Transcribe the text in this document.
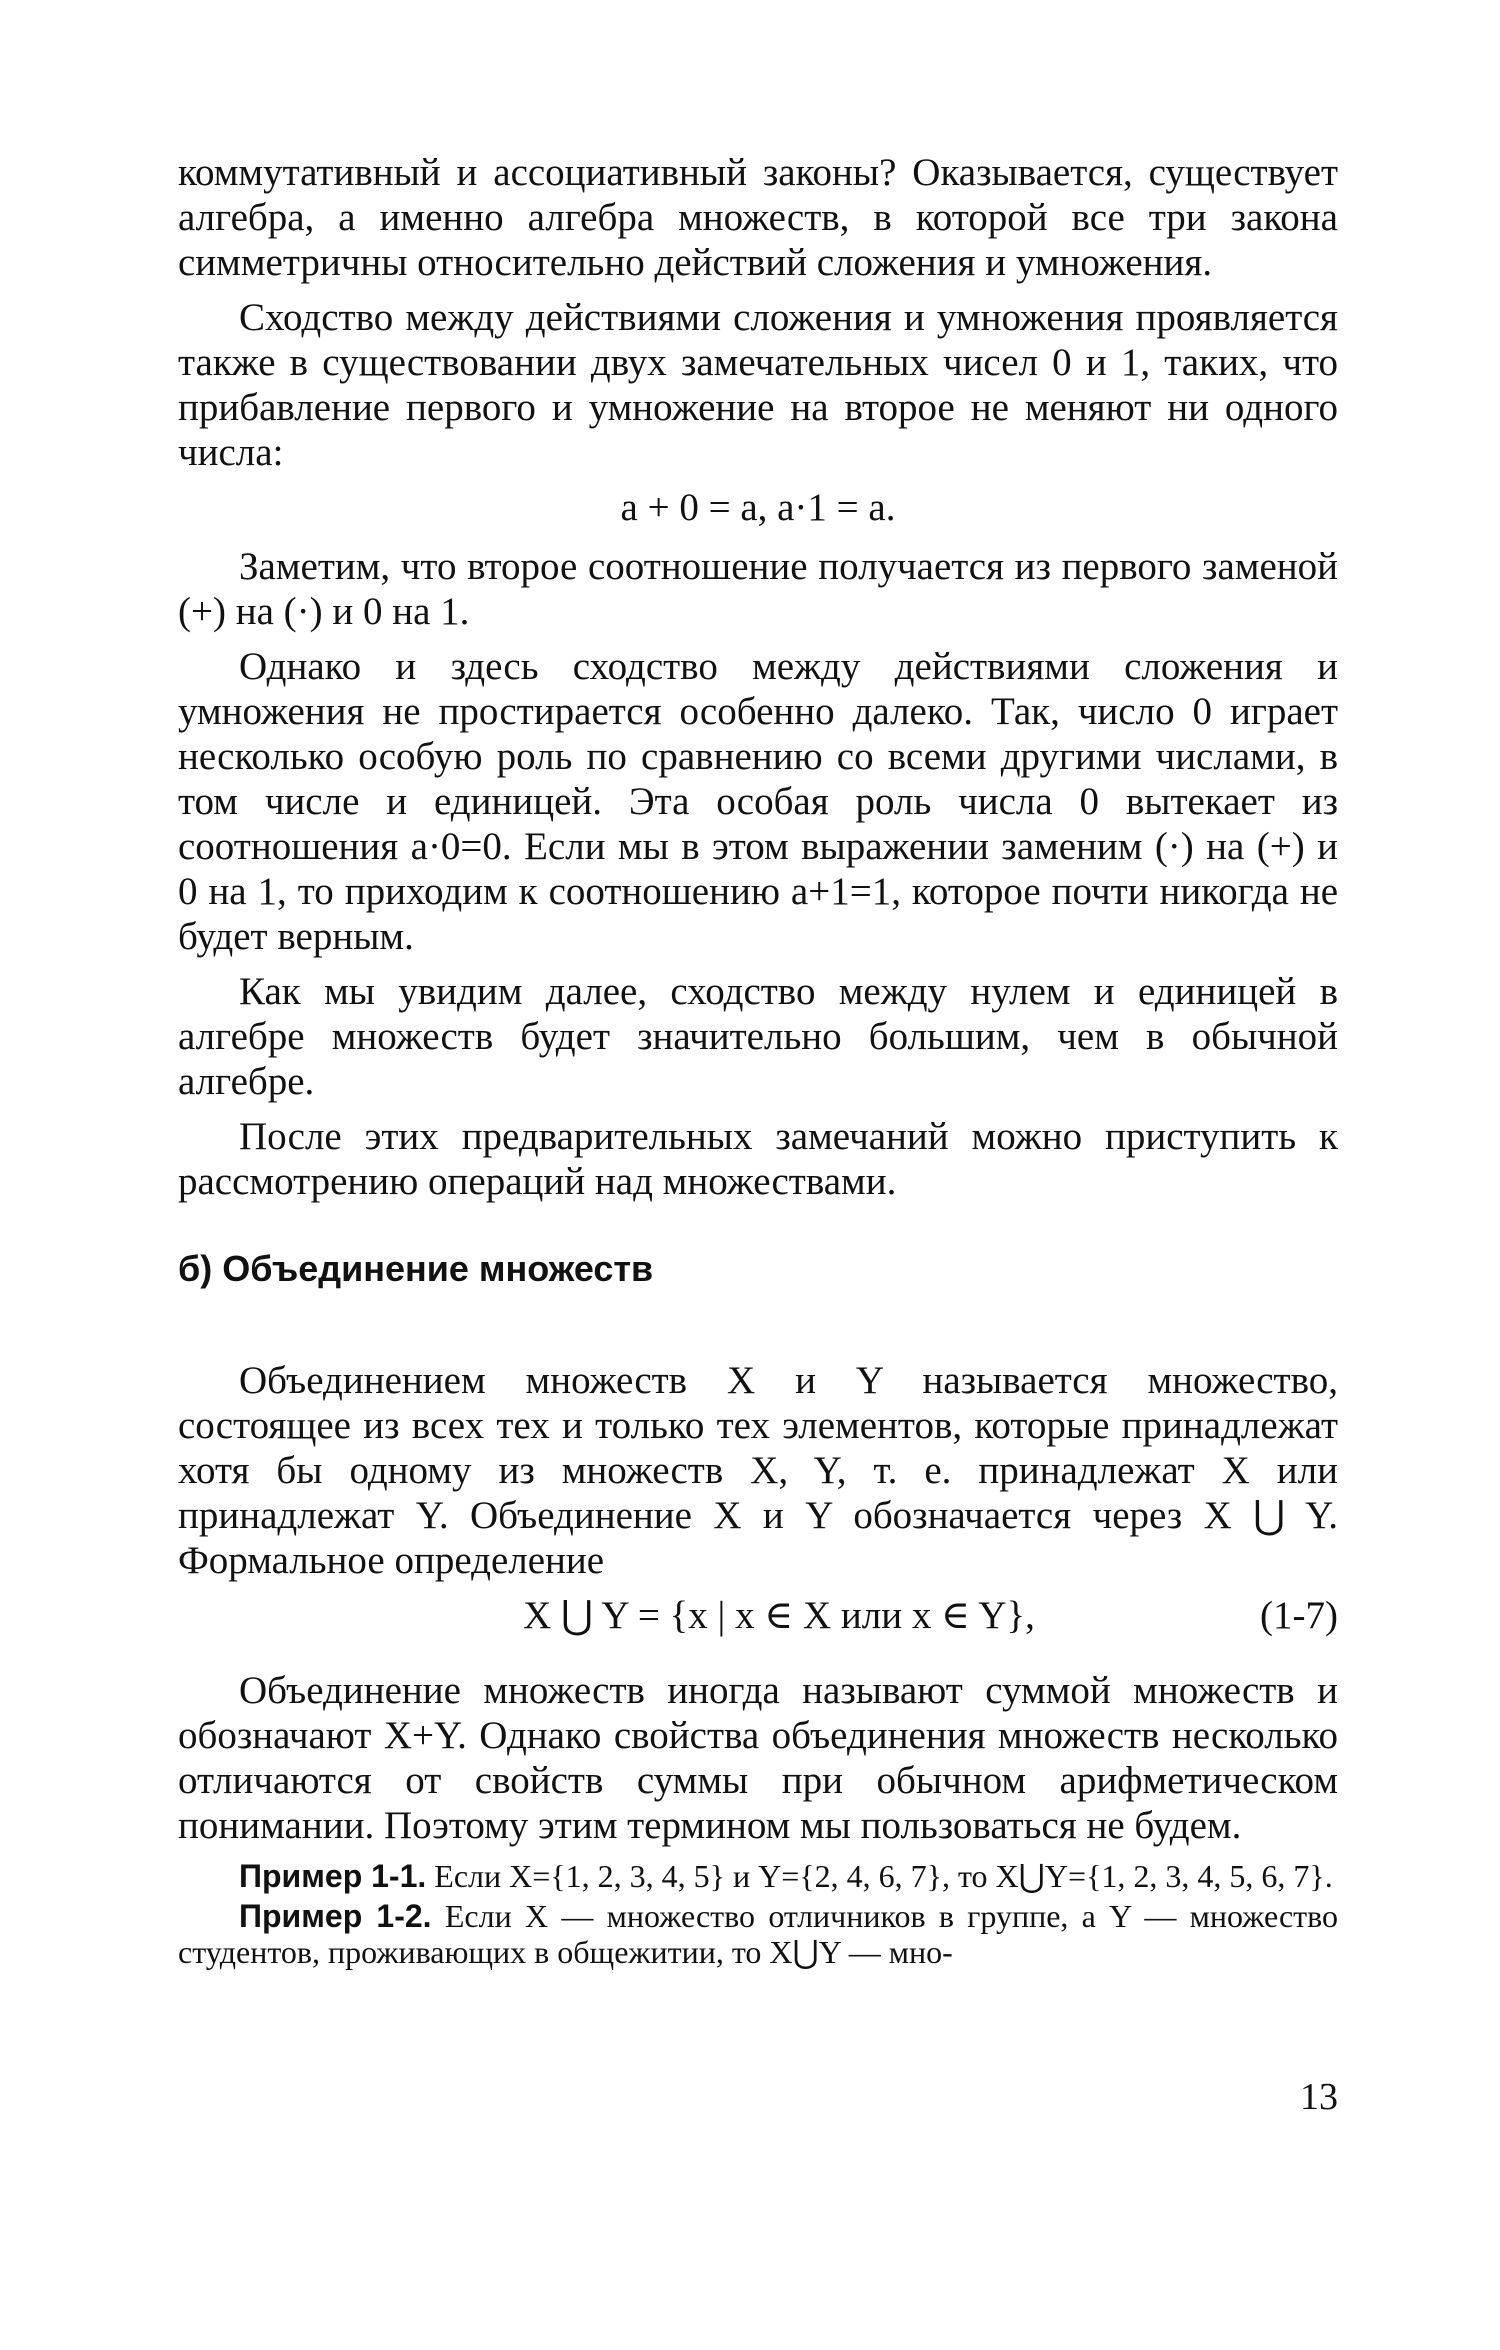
коммутативный и ассоциативный законы? Оказывается, существует алгебра, а именно алгебра множеств, в которой все три закона симметричны относительно действий сложения и умножения.

Сходство между действиями сложения и умножения проявляется также в существовании двух замечательных чисел 0 и 1, таких, что прибавление первого и умножение на второе не меняют ни одного числа:

a + 0 = a, a·1 = a.

Заметим, что второе соотношение получается из первого заменой (+) на (·) и 0 на 1.

Однако и здесь сходство между действиями сложения и умножения не простирается особенно далеко. Так, число 0 играет несколько особую роль по сравнению со всеми другими числами, в том числе и единицей. Эта особая роль числа 0 вытекает из соотношения a·0=0. Если мы в этом выражении заменим (·) на (+) и 0 на 1, то приходим к соотношению a+1=1, которое почти никогда не будет верным.

Как мы увидим далее, сходство между нулем и единицей в алгебре множеств будет значительно большим, чем в обычной алгебре.

После этих предварительных замечаний можно приступить к рассмотрению операций над множествами.

б) Объединение множеств

Объединением множеств X и Y называется множество, состоящее из всех тех и только тех элементов, которые принадлежат хотя бы одному из множеств X, Y, т. е. принадлежат X или принадлежат Y. Объединение X и Y обозначается через X ⋃ Y. Формальное определение

X ⋃ Y = {x | x ∈ X или x ∈ Y},	(1-7)

Объединение множеств иногда называют суммой множеств и обозначают X+Y. Однако свойства объединения множеств несколько отличаются от свойств суммы при обычном арифметическом понимании. Поэтому этим термином мы пользоваться не будем.

Пример 1-1. Если X={1, 2, 3, 4, 5} и Y={2, 4, 6, 7}, то X⋃Y={1, 2, 3, 4, 5, 6, 7}.
Пример 1-2. Если X — множество отличников в группе, а Y — множество студентов, проживающих в общежитии, то X⋃Y — мно-
13
